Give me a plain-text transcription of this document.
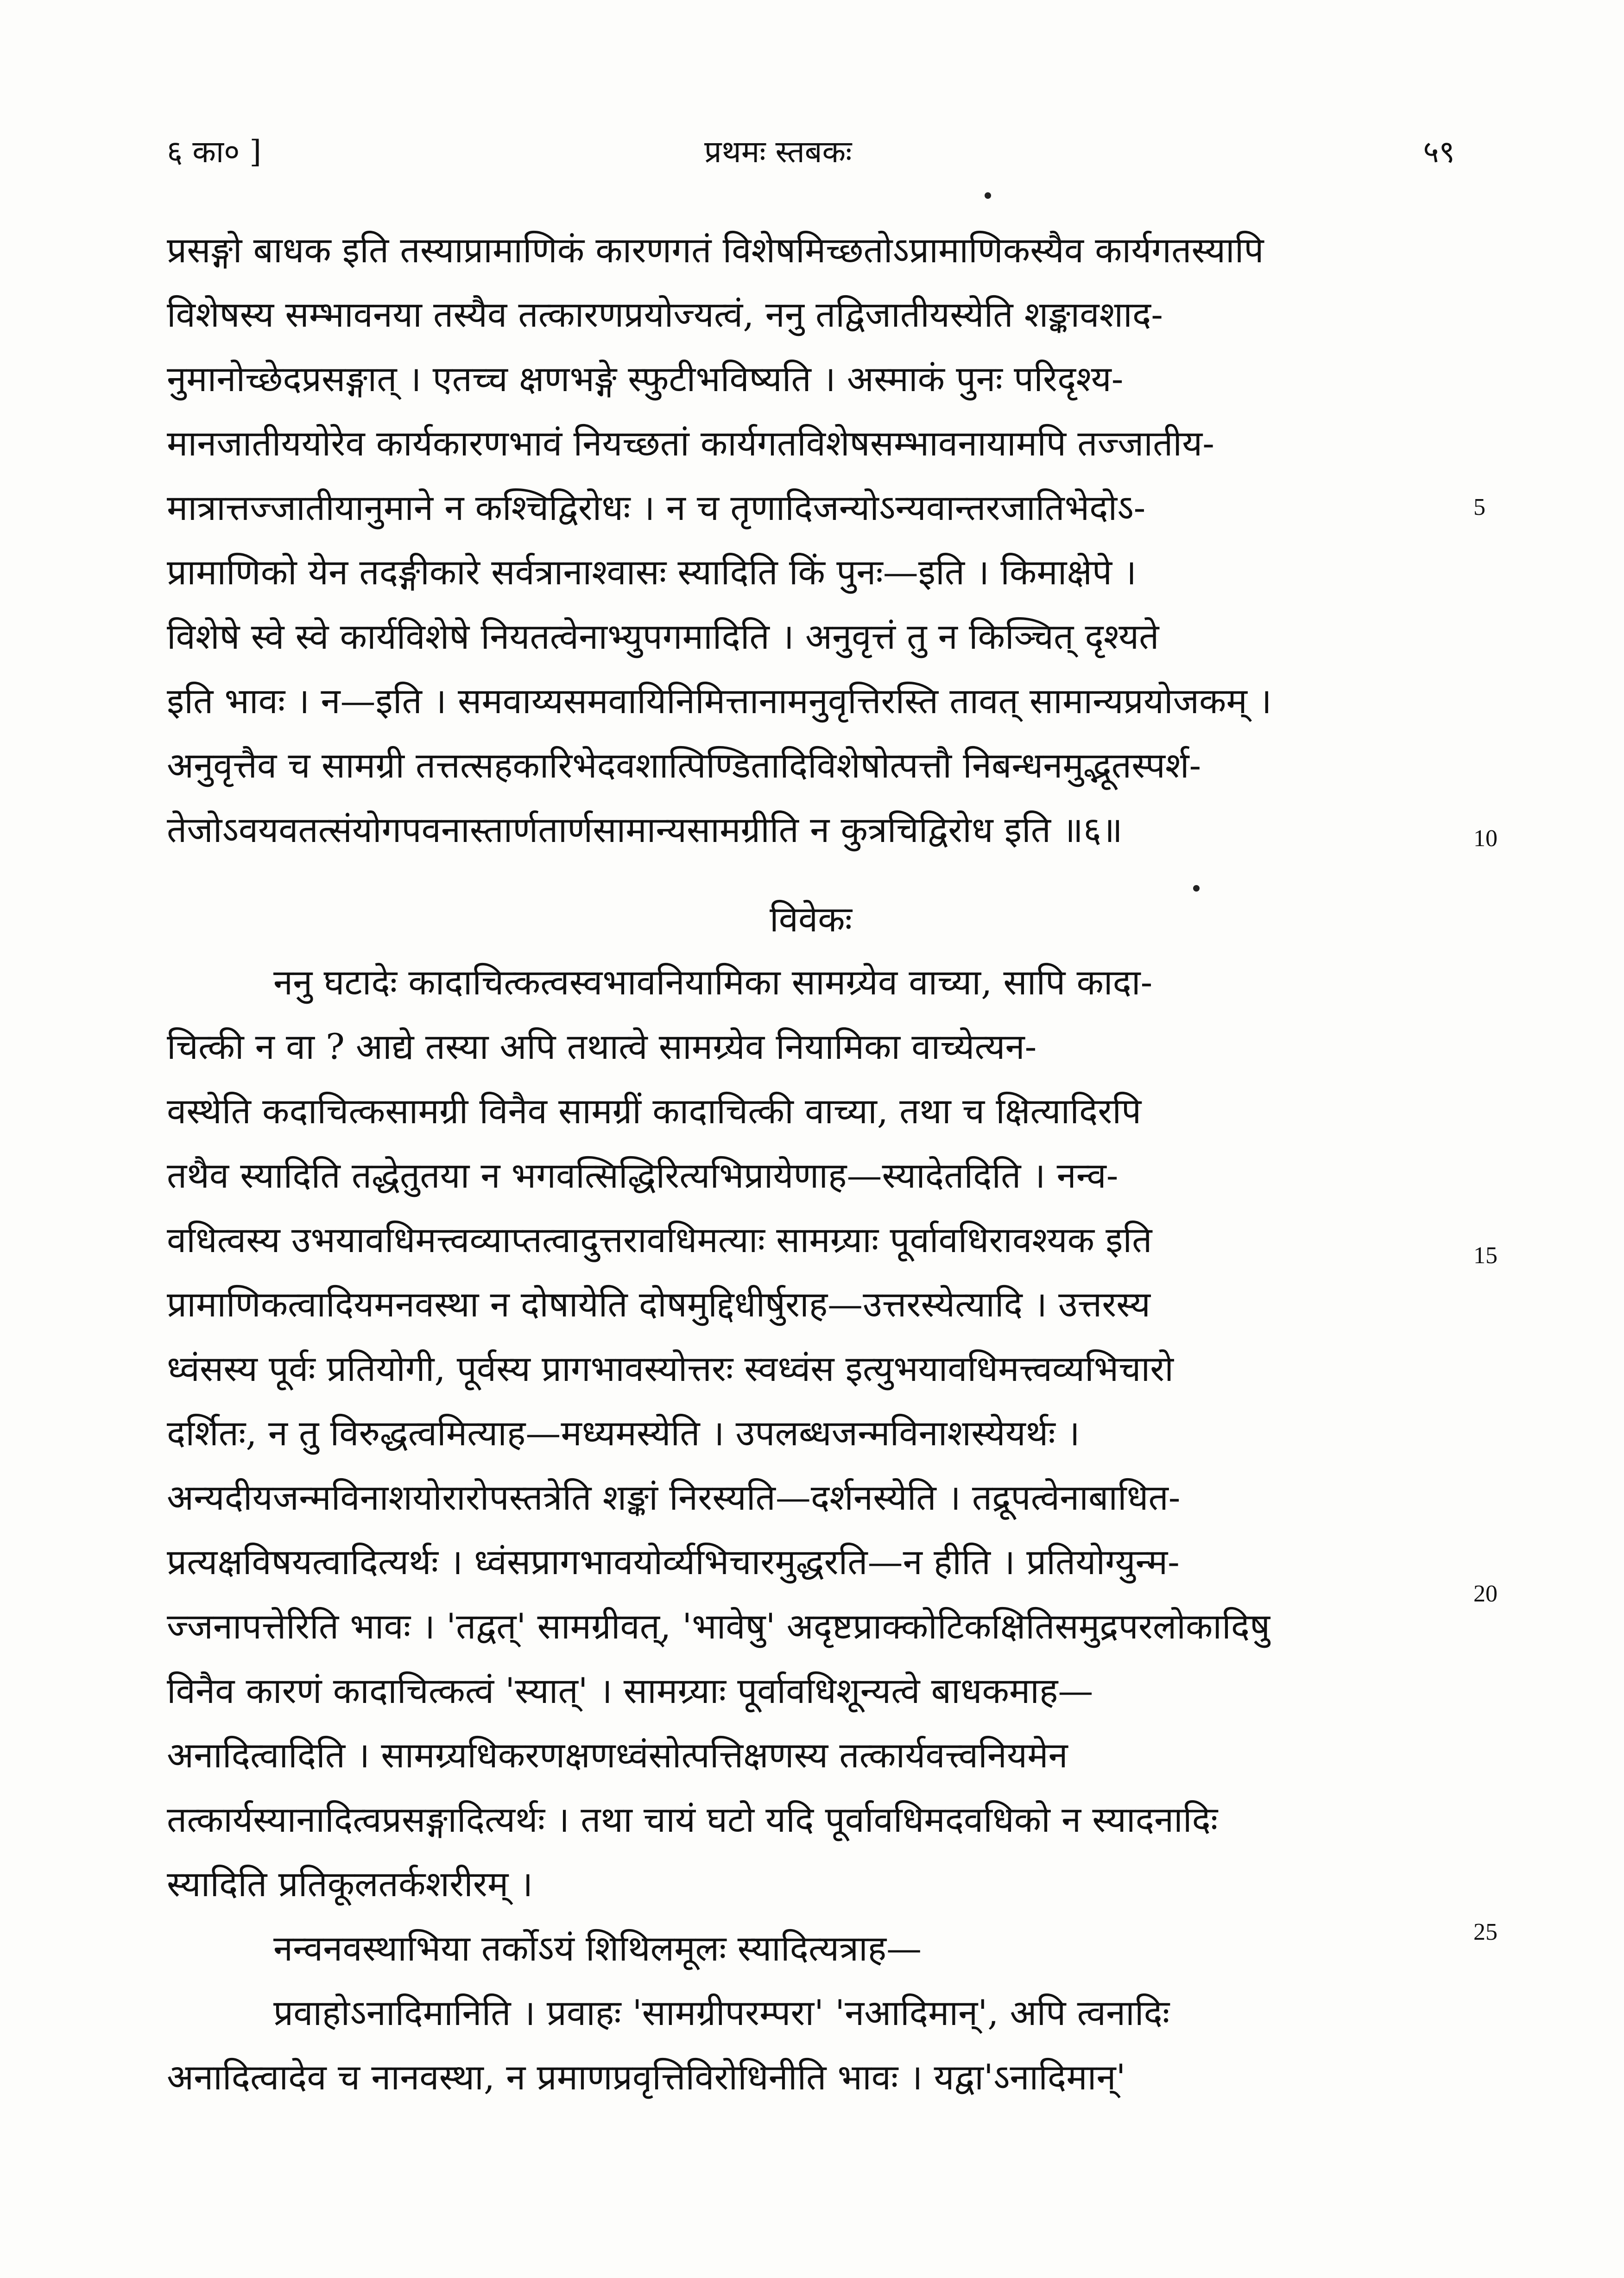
६ का० ]	प्रथमः स्तबकः	५९
प्रसङ्गो बाधक इति तस्याप्रामाणिकं कारणगतं विशेषमिच्छतोऽप्रामाणिकस्यैव कार्यगतस्यापि
विशेषस्य सम्भावनया तस्यैव तत्कारणप्रयोज्यत्वं, ननु तद्विजातीयस्येति शङ्कावशाद-
नुमानोच्छेदप्रसङ्गात् । एतच्च क्षणभङ्गे स्फुटीभविष्यति । अस्माकं पुनः परिदृश्य-
मानजातीययोरेव कार्यकारणभावं नियच्छतां कार्यगतविशेषसम्भावनायामपि तज्जातीय-
मात्रात्तज्जातीयानुमाने न कश्चिद्विरोधः । न च तृणादिजन्योऽन्यवान्तरजातिभेदोऽ-
प्रामाणिको येन तदङ्गीकारे सर्वत्रानाश्वासः स्यादिति किं पुनः—इति । किमाक्षेपे ।
विशेषे स्वे स्वे कार्यविशेषे नियतत्वेनाभ्युपगमादिति । अनुवृत्तं तु न किञ्चित् दृश्यते
इति भावः । न—इति । समवाय्यसमवायिनिमित्तानामनुवृत्तिरस्ति तावत् सामान्यप्रयोजकम् ।
अनुवृत्तैव च सामग्री तत्तत्सहकारिभेदवशात्पिण्डितादिविशेषोत्पत्तौ निबन्धनमुद्भूतस्पर्श-
तेजोऽवयवतत्संयोगपवनास्तार्णतार्णसामान्यसामग्रीति न कुत्रचिद्विरोध इति ॥६॥
विवेकः
ननु घटादेः कादाचित्कत्वस्वभावनियामिका सामग्र्येव वाच्या, सापि कादा-
चित्की न वा ? आद्ये तस्या अपि तथात्वे सामग्र्येव नियामिका वाच्येत्यन-
वस्थेति कदाचित्कसामग्री विनैव सामग्रीं कादाचित्की वाच्या, तथा च क्षित्यादिरपि
तथैव स्यादिति तद्धेतुतया न भगवत्सिद्धिरित्यभिप्रायेणाह—स्यादेतदिति । नन्व-
वधित्वस्य उभयावधिमत्त्वव्याप्तत्वादुत्तरावधिमत्याः सामग्र्याः पूर्वावधिरावश्यक इति
प्रामाणिकत्वादियमनवस्था न दोषायेति दोषमुद्दिधीर्षुराह—उत्तरस्येत्यादि । उत्तरस्य
ध्वंसस्य पूर्वः प्रतियोगी, पूर्वस्य प्रागभावस्योत्तरः स्वध्वंस इत्युभयावधिमत्त्वव्यभिचारो
दर्शितः, न तु विरुद्धत्वमित्याह—मध्यमस्येति । उपलब्धजन्मविनाशस्येयर्थः ।
अन्यदीयजन्मविनाशयोरारोपस्तत्रेति शङ्कां निरस्यति—दर्शनस्येति । तद्रूपत्वेनाबाधित-
प्रत्यक्षविषयत्वादित्यर्थः । ध्वंसप्रागभावयोर्व्यभिचारमुद्धरति—न हीति । प्रतियोग्युन्म-
ज्जनापत्तेरिति भावः । 'तद्वत्' सामग्रीवत्, 'भावेषु' अदृष्टप्राक्कोटिकक्षितिसमुद्रपरलोकादिषु
विनैव कारणं कादाचित्कत्वं 'स्यात्' । सामग्र्याः पूर्वावधिशून्यत्वे बाधकमाह—
अनादित्वादिति । सामग्र्यधिकरणक्षणध्वंसोत्पत्तिक्षणस्य तत्कार्यवत्त्वनियमेन
तत्कार्यस्यानादित्वप्रसङ्गादित्यर्थः । तथा चायं घटो यदि पूर्वावधिमदवधिको न स्यादनादिः
स्यादिति प्रतिकूलतर्कशरीरम् ।
नन्वनवस्थाभिया तर्कोऽयं शिथिलमूलः स्यादित्यत्राह—
प्रवाहोऽनादिमानिति । प्रवाहः 'सामग्रीपरम्परा' 'नआदिमान्', अपि त्वनादिः
अनादित्वादेव च नानवस्था, न प्रमाणप्रवृत्तिविरोधिनीति भावः । यद्वा'ऽनादिमान्'
5
10
15
20
25
